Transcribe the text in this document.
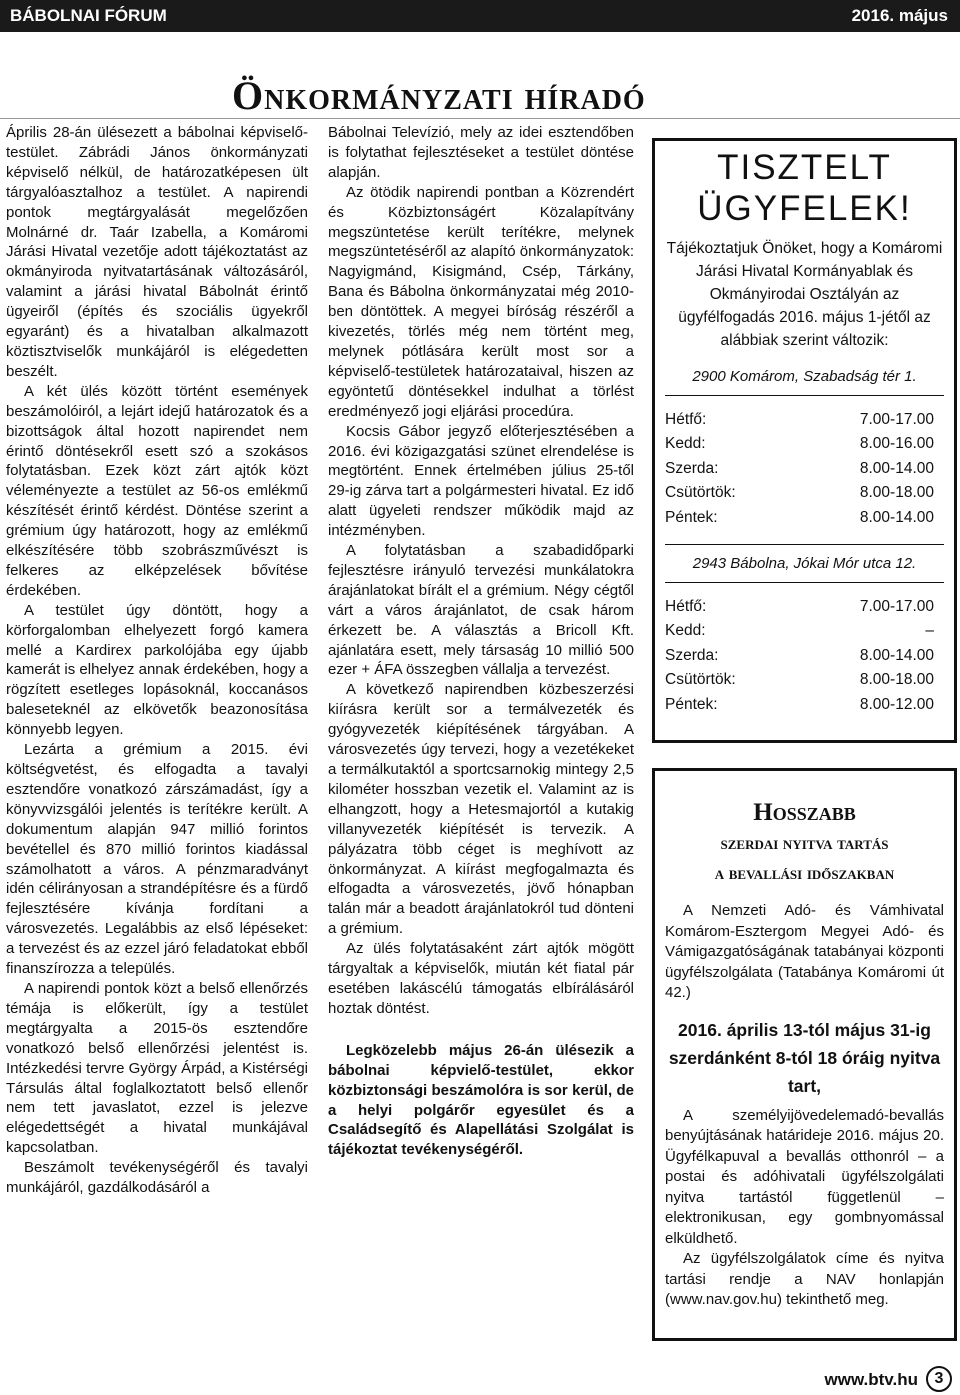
BÁBOLNAI FÓRUM	2016. május
Önkormányzati híradó

Április 28-án ülésezett a bábolnai képviselő-testület. Zábrádi János önkormányzati képviselő nélkül, de határozatképesen ült tárgyalóasztalhoz a testület. A napirendi pontok megtárgyalását megelőzően Molnárné dr. Taár Izabella, a Komáromi Járási Hivatal vezetője adott tájékoztatást az okmányiroda nyitvatartásának változásáról, valamint a járási hivatal Bábolnát érintő ügyeiről (építés és szociális ügyekről egyaránt) és a hivatalban alkalmazott köztisztviselők munkájáról is elégedetten beszélt.

A két ülés között történt események beszámolóiról, a lejárt idejű határozatok és a bizottságok által hozott napirendet nem érintő döntésekről esett szó a szokásos folytatásban. Ezek közt zárt ajtók közt véleményezte a testület az 56-os emlékmű készítését érintő kérdést. Döntése szerint a grémium úgy határozott, hogy az emlékmű elkészítésére több szobrászművészt is felkeres az elképzelések bővítése érdekében.

A testület úgy döntött, hogy a körforgalomban elhelyezett forgó kamera mellé a Kardirex parkolójába egy újabb kamerát is elhelyez annak érdekében, hogy a rögzített esetleges lopásoknál, koccanásos baleseteknél az elkövetők beazonosítása könnyebb legyen.

Lezárta a grémium a 2015. évi költségvetést, és elfogadta a tavalyi esztendőre vonatkozó zárszámadást, így a könyvvizsgálói jelentés is terítékre került. A dokumentum alapján 947 millió forintos bevétellel és 870 millió forintos kiadással számolhatott a város. A pénzmaradványt idén célirányosan a strandépítésre és a fürdő fejlesztésére kívánja fordítani a városvezetés. Legalábbis az első lépéseket: a tervezést és az ezzel járó feladatokat ebből finanszírozza a település.

A napirendi pontok közt a belső ellenőrzés témája is előkerült, így a testület megtárgyalta a 2015-ös esztendőre vonatkozó belső ellenőrzési jelentést is. Intézkedési tervre György Árpád, a Kistérségi Társulás által foglalkoztatott belső ellenőr nem tett javaslatot, ezzel is jelezve elégedettségét a hivatal munkájával kapcsolatban.

Beszámolt tevékenységéről és tavalyi munkájáról, gazdálkodásáról a

Bábolnai Televízió, mely az idei esztendőben is folytathat fejlesztéseket a testület döntése alapján.

Az ötödik napirendi pontban a Közrendért és Közbiztonságért Közalapítvány megszüntetése került terítékre, melynek megszüntetéséről az alapító önkormányzatok: Nagyigmánd, Kisigmánd, Csép, Tárkány, Bana és Bábolna önkormányzatai még 2010-ben döntöttek. A megyei bíróság részéről a kivezetés, törlés még nem történt meg, melynek pótlására került most sor a képviselő-testületek határozataival, hiszen az egyöntetű döntésekkel indulhat a törlést eredményező jogi eljárási procedúra.

Kocsis Gábor jegyző előterjesztésében a 2016. évi közigazgatási szünet elrendelése is megtörtént. Ennek értelmében július 25-től 29-ig zárva tart a polgármesteri hivatal. Ez idő alatt ügyeleti rendszer működik majd az intézményben.

A folytatásban a szabadidőparki fejlesztésre irányuló tervezési munkálatokra árajánlatokat bírált el a grémium. Négy cégtől várt a város árajánlatot, de csak három érkezett be. A választás a Bricoll Kft. ajánlatára esett, mely társaság 10 millió 500 ezer + ÁFA összegben vállalja a tervezést.

A következő napirendben közbeszerzési kiírásra került sor a termálvezeték és gyógyvezeték kiépítésének tárgyában. A városvezetés úgy tervezi, hogy a vezetékeket a termálkutaktól a sportcsarnokig mintegy 2,5 kilométer hosszban vezetik el. Valamint az is elhangzott, hogy a Hetesmajortól a kutakig villanyvezeték kiépítését is tervezik. A pályázatra több céget is meghívott az önkormányzat. A kiírást megfogalmazta és elfogadta a városvezetés, jövő hónapban talán már a beadott árajánlatokról tud dönteni a grémium.

Az ülés folytatásaként zárt ajtók mögött tárgyaltak a képviselők, miután két fiatal pár esetében lakáscélú támogatás elbírálásáról hoztak döntést.

Legközelebb május 26-án ülésezik a bábolnai képvielő-testület, ekkor közbiztonsági beszámolóra is sor kerül, de a helyi polgárőr egyesület és a Családsegítő és Alapellátási Szolgálat is tájékoztat tevékenységéről.

TISZTELT ÜGYFELEK!
Tájékoztatjuk Önöket, hogy a Komáromi Járási Hivatal Kormányablak és Okmányirodai Osztályán az ügyfélfogadás 2016. május 1-jétől az alábbiak szerint változik:
2900 Komárom, Szabadság tér 1.
Hétfő:	7.00-17.00
Kedd:	8.00-16.00
Szerda:	8.00-14.00
Csütörtök:	8.00-18.00
Péntek:	8.00-14.00
2943 Bábolna, Jókai Mór utca 12.
Hétfő:	7.00-17.00
Kedd:	–
Szerda:	8.00-14.00
Csütörtök:	8.00-18.00
Péntek:	8.00-12.00
Hosszabb
szerdai nyitva tartás
a bevallási időszakban

A Nemzeti Adó- és Vámhivatal Komárom-Esztergom Megyei Adó- és Vámigazgatóságának tatabányai központi ügyfélszolgálata (Tatabánya Komáromi út 42.)

2016. április 13-tól május 31-ig szerdánként 8-tól 18 óráig nyitva tart,

A személyijövedelemadó-bevallás benyújtásának határideje 2016. május 20. Ügyfélkapuval a bevallás otthonról – a postai és adóhivatali ügyfélszolgálati nyitva tartástól függetlenül – elektronikusan, egy gombnyomással elküldhető.

Az ügyfélszolgálatok címe és nyitva tartási rendje a NAV honlapján (www.nav.gov.hu) tekinthető meg.

www.btv.hu	3
